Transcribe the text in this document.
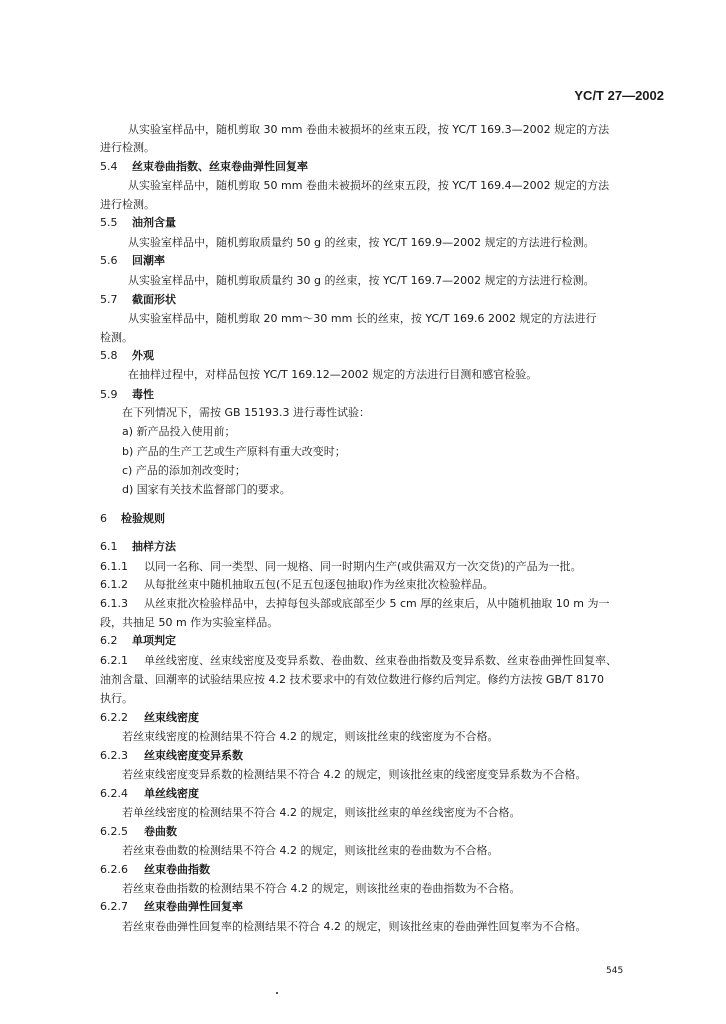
YC/T 27—2002
从实验室样品中，随机剪取 30 mm 卷曲未被损坏的丝束五段，按 YC/T 169.3—2002 规定的方法
进行检测。
5.4 丝束卷曲指数、丝束卷曲弹性回复率
从实验室样品中，随机剪取 50 mm 卷曲未被损坏的丝束五段，按 YC/T 169.4—2002 规定的方法
进行检测。
5.5 油剂含量
从实验室样品中，随机剪取质量约 50 g 的丝束，按 YC/T 169.9—2002 规定的方法进行检测。
5.6 回潮率
从实验室样品中，随机剪取质量约 30 g 的丝束，按 YC/T 169.7—2002 规定的方法进行检测。
5.7 截面形状
从实验室样品中，随机剪取 20 mm～30 mm 长的丝束，按 YC/T 169.6 2002 规定的方法进行
检测。
5.8 外观
在抽样过程中，对样品包按 YC/T 169.12—2002 规定的方法进行目测和感官检验。
5.9 毒性
在下列情况下，需按 GB 15193.3 进行毒性试验：
a) 新产品投入使用前；
b) 产品的生产工艺或生产原料有重大改变时；
c) 产品的添加剂改变时；
d) 国家有关技术监督部门的要求。
6 检验规则
6.1 抽样方法
6.1.1 以同一名称、同一类型、同一规格、同一时期内生产(或供需双方一次交货)的产品为一批。
6.1.2 从每批丝束中随机抽取五包(不足五包逐包抽取)作为丝束批次检验样品。
6.1.3 从丝束批次检验样品中，去掉每包头部或底部至少 5 cm 厚的丝束后，从中随机抽取 10 m 为一
段，共抽足 50 m 作为实验室样品。
6.2 单项判定
6.2.1 单丝线密度、丝束线密度及变异系数、卷曲数、丝束卷曲指数及变异系数、丝束卷曲弹性回复率、
油剂含量、回潮率的试验结果应按 4.2 技术要求中的有效位数进行修约后判定。修约方法按 GB/T 8170
执行。
6.2.2 丝束线密度
若丝束线密度的检测结果不符合 4.2 的规定，则该批丝束的线密度为不合格。
6.2.3 丝束线密度变异系数
若丝束线密度变异系数的检测结果不符合 4.2 的规定，则该批丝束的线密度变异系数为不合格。
6.2.4 单丝线密度
若单丝线密度的检测结果不符合 4.2 的规定，则该批丝束的单丝线密度为不合格。
6.2.5 卷曲数
若丝束卷曲数的检测结果不符合 4.2 的规定，则该批丝束的卷曲数为不合格。
6.2.6 丝束卷曲指数
若丝束卷曲指数的检测结果不符合 4.2 的规定，则该批丝束的卷曲指数为不合格。
6.2.7 丝束卷曲弹性回复率
若丝束卷曲弹性回复率的检测结果不符合 4.2 的规定，则该批丝束的卷曲弹性回复率为不合格。
545
